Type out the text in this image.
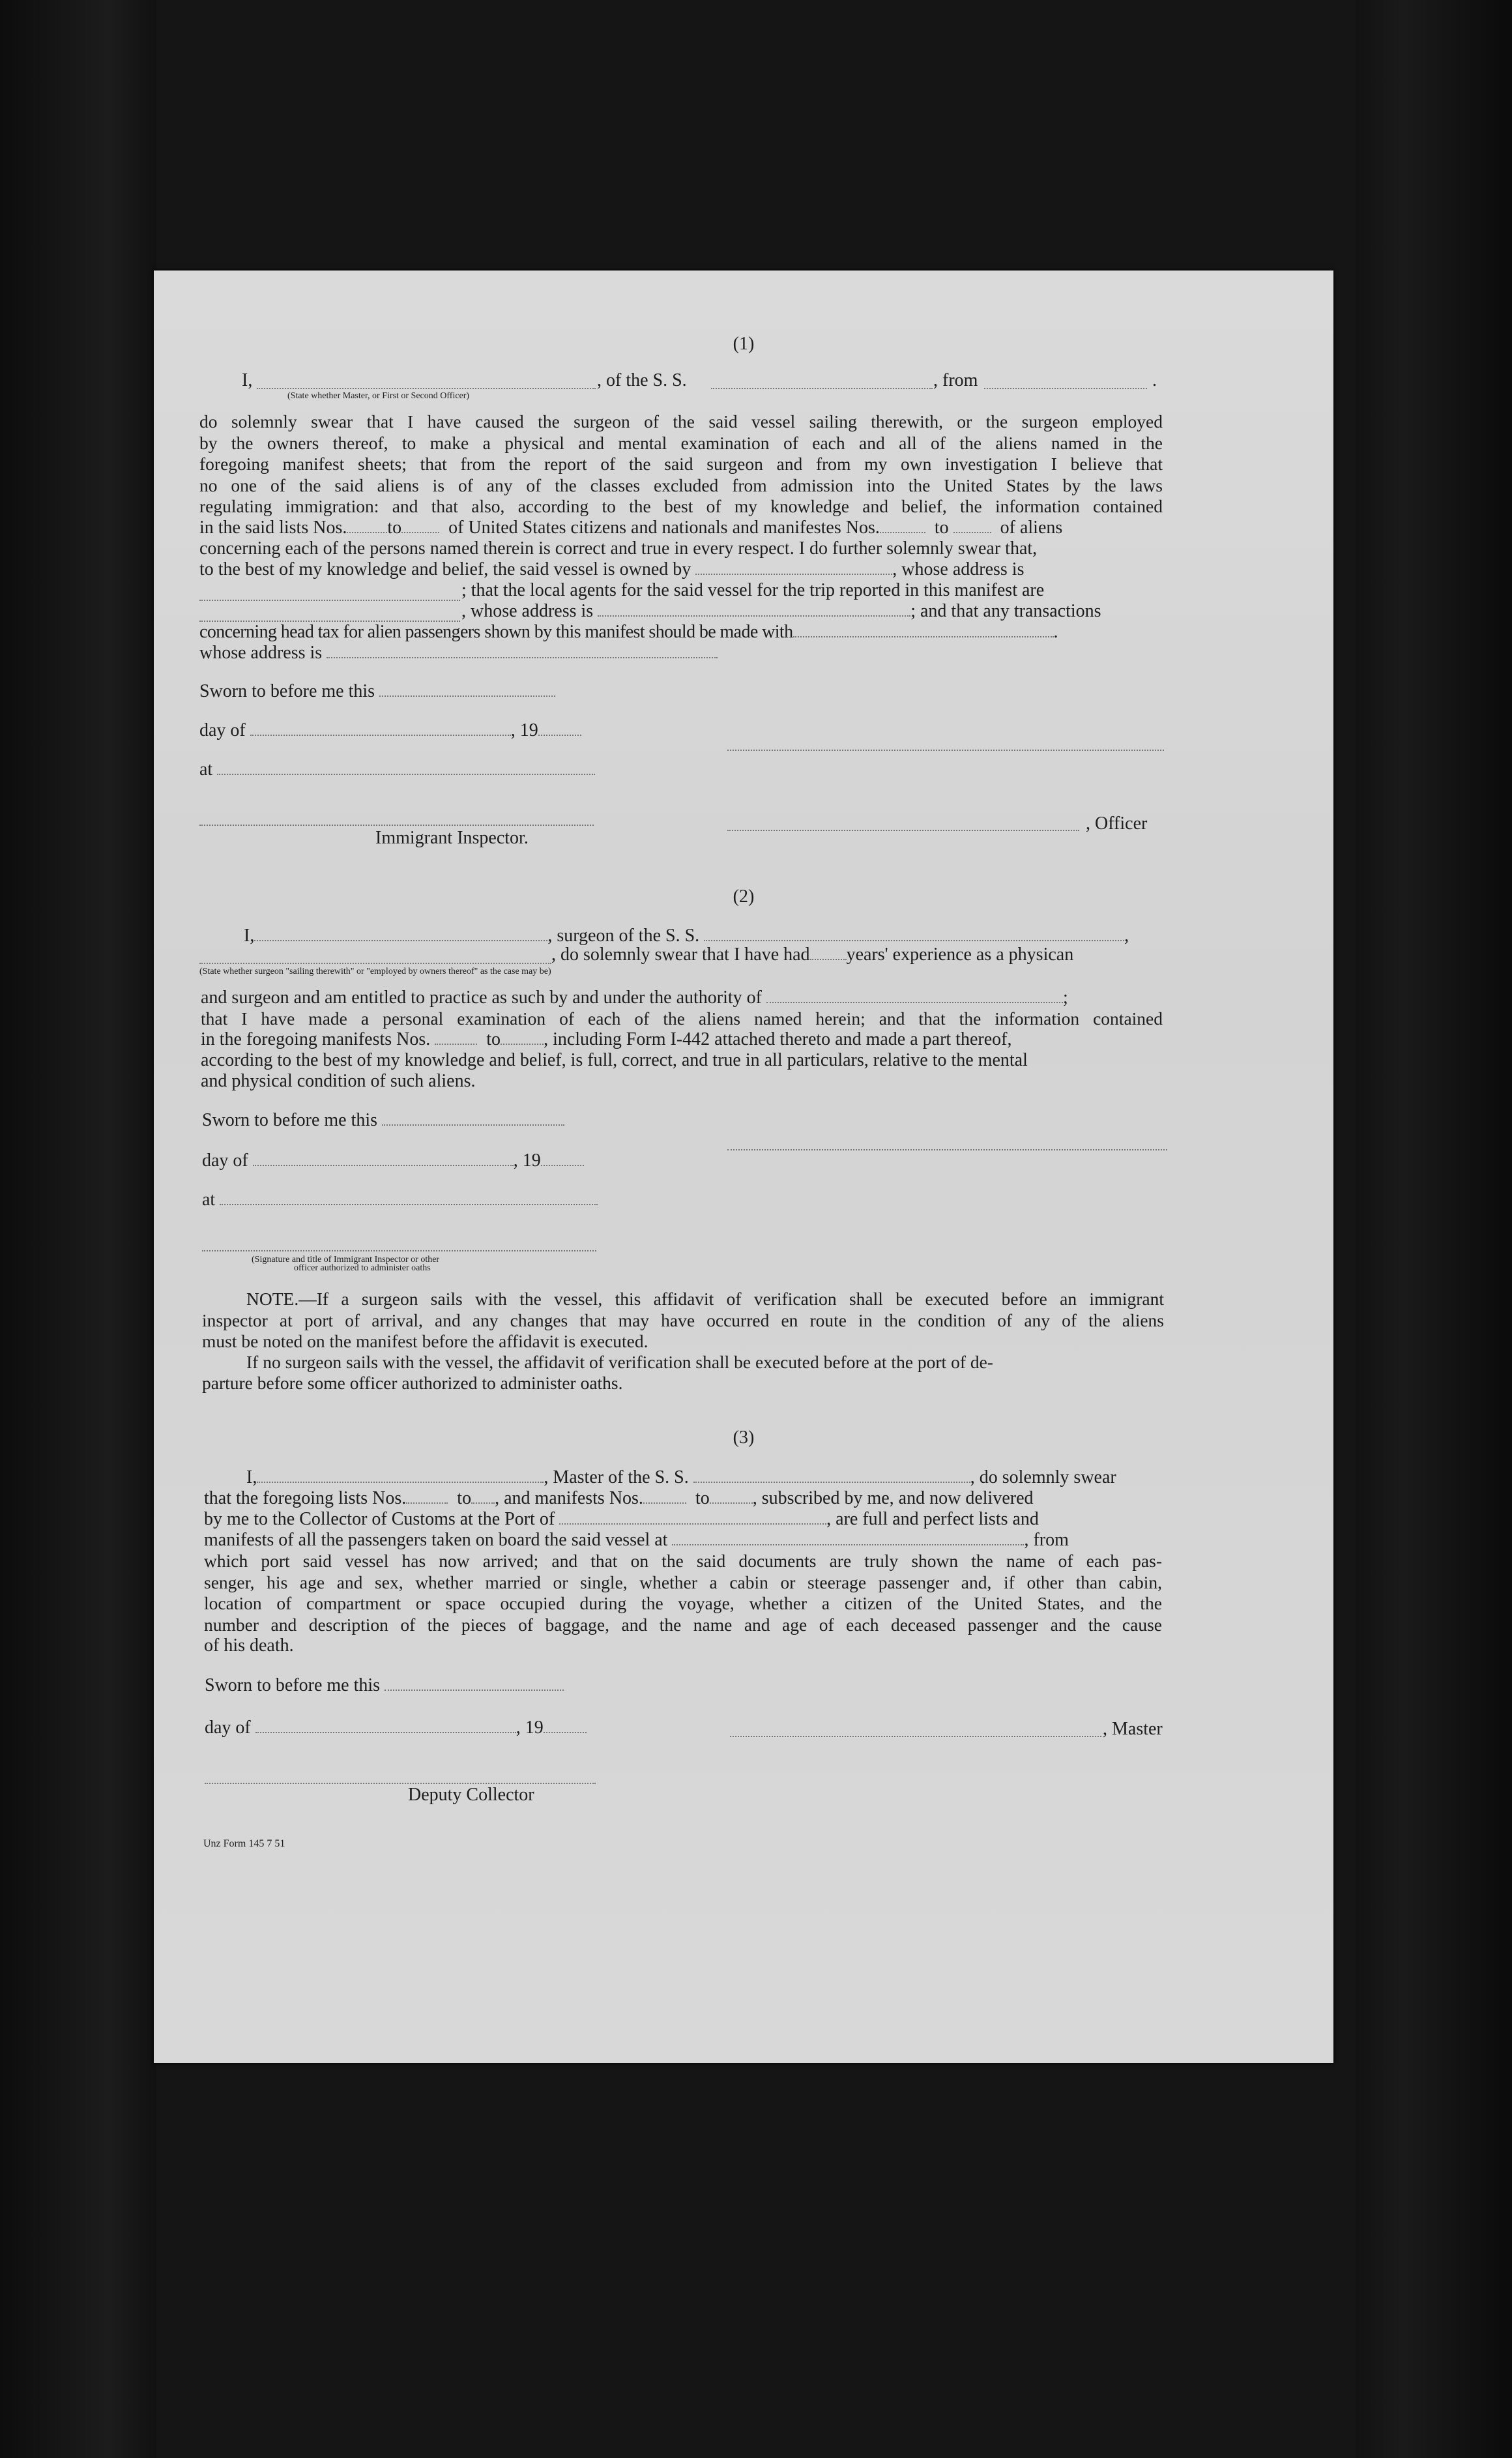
(1)
I,	, of the S. S.	, from	.
(State whether Master, or First or Second Officer)
do solemnly swear that I have caused the surgeon of the said vessel sailing therewith, or the surgeon employed
by the owners thereof, to make a physical and mental examination of each and all of the aliens named in the
foregoing manifest sheets; that from the report of the said surgeon and from my own investigation I believe that
no one of the said aliens is of any of the classes excluded from admission into the United States by the laws
regulating immigration: and that also, according to the best of my knowledge and belief, the information contained
in the said lists Nos. to	of United States citizens and nationals and manifestes Nos.	to	of aliens
concerning each of the persons named therein is correct and true in every respect. I do further solemnly swear that,
to the best of my knowledge and belief, the said vessel is owned by	, whose address is
; that the local agents for the said vessel for the trip reported in this manifest are
, whose address is	; and that any transactions
concerning head tax for alien passengers shown by this manifest should be made with	.
whose address is
Sworn to before me this
day of	, 19
at
, Officer
Immigrant Inspector.
(2)
I,	, surgeon of the S. S.	,
, do solemnly swear that I have had years' experience as a physican
(State whether surgeon "sailing therewith" or "employed by owners thereof" as the case may be)
and surgeon and am entitled to practice as such by and under the authority of	;
that I have made a personal examination of each of the aliens named herein; and that the information contained
in the foregoing manifests Nos.	to , including Form I-442 attached thereto and made a part thereof,
according to the best of my knowledge and belief, is full, correct, and true in all particulars, relative to the mental
and physical condition of such aliens.
Sworn to before me this
day of	, 19
at
(Signature and title of Immigrant Inspector or other
officer authorized to administer oaths
NOTE.—If a surgeon sails with the vessel, this affidavit of verification shall be executed before an immigrant
inspector at port of arrival, and any changes that may have occurred en route in the condition of any of the aliens
must be noted on the manifest before the affidavit is executed.
If no surgeon sails with the vessel, the affidavit of verification shall be executed before at the port of de-
parture before some officer authorized to administer oaths.
(3)
I,	, Master of the S. S.	, do solemnly swear
that the foregoing lists Nos.	to , and manifests Nos.	to , subscribed by me, and now delivered
by me to the Collector of Customs at the Port of	, are full and perfect lists and
manifests of all the passengers taken on board the said vessel at	, from
which port said vessel has now arrived; and that on the said documents are truly shown the name of each pas-
senger, his age and sex, whether married or single, whether a cabin or steerage passenger and, if other than cabin,
location of compartment or space occupied during the voyage, whether a citizen of the United States, and the
number and description of the pieces of baggage, and the name and age of each deceased passenger and the cause
of his death.
Sworn to before me this
day of	, 19	, Master
Deputy Collector
Unz Form 145 7 51
